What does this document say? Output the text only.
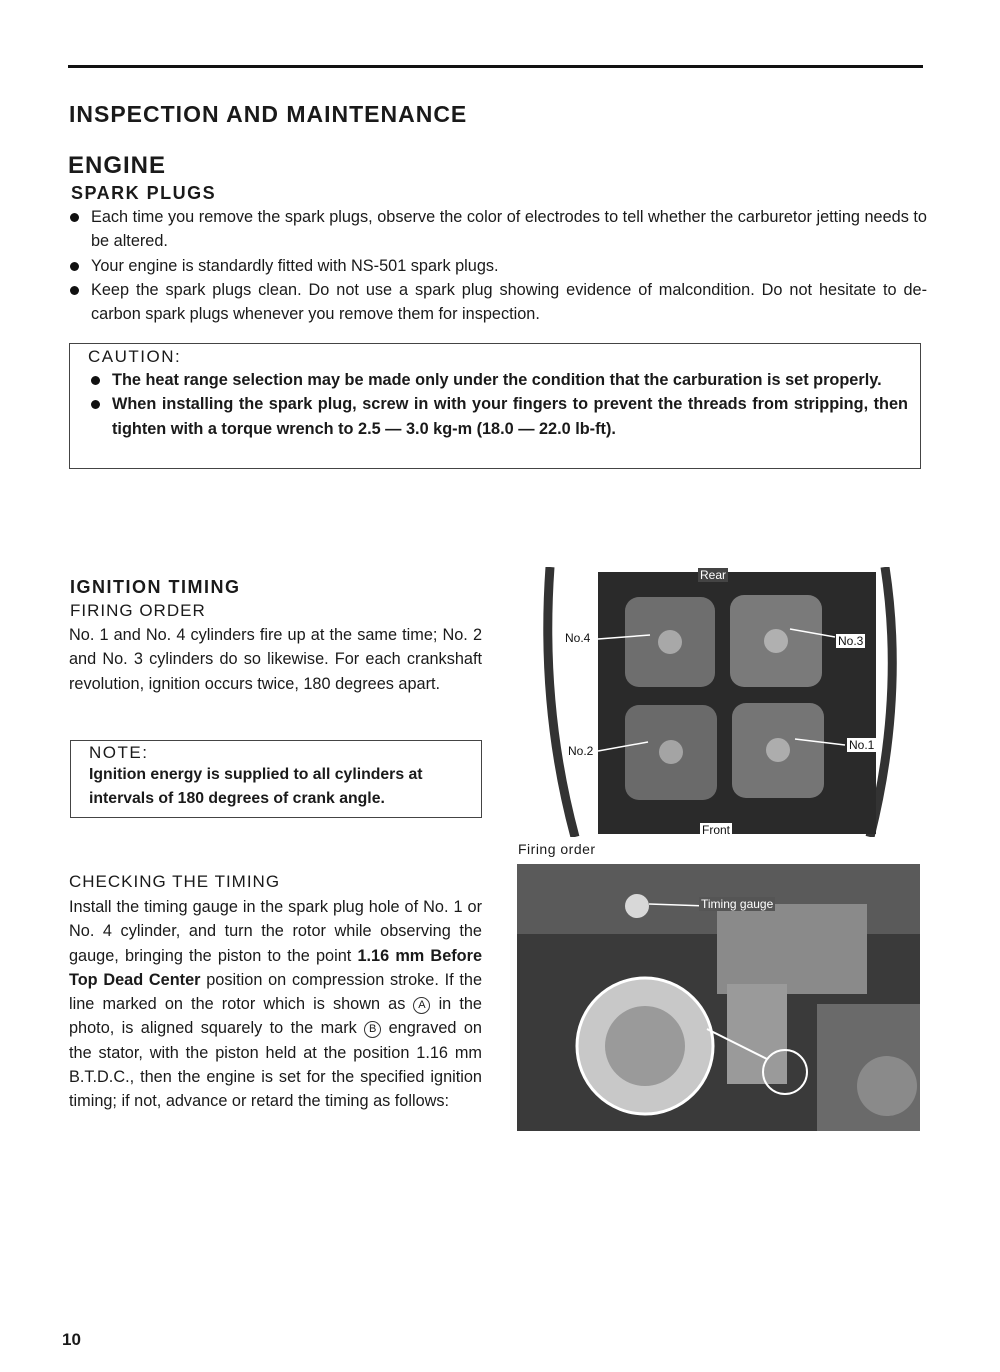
INSPECTION AND MAINTENANCE
ENGINE
SPARK PLUGS
Each time you remove the spark plugs, observe the color of electrodes to tell whether the carburetor jetting needs to be altered.
Your engine is standardly fitted with NS-501 spark plugs.
Keep the spark plugs clean. Do not use a spark plug showing evidence of malcondition. Do not hesitate to de-carbon spark plugs whenever you remove them for inspection.

CAUTION:

The heat range selection may be made only under the condition that the carburation is set properly.
When installing the spark plug, screw in with your fingers to prevent the threads from stripping, then tighten with a torque wrench to 2.5 — 3.0 kg-m (18.0 — 22.0 lb-ft).
IGNITION TIMING
FIRING ORDER

No. 1 and No. 4 cylinders fire up at the same time; No. 2 and No. 3 cylinders do so likewise. For each crankshaft revolution, ignition occurs twice, 180 degrees apart.

NOTE:

Ignition energy is supplied to all cylinders at intervals of 180 degrees of crank angle.

CHECKING THE TIMING

Install the timing gauge in the spark plug hole of No. 1 or No. 4 cylinder, and turn the rotor while observing the gauge, bringing the piston to the point 1.16 mm Before Top Dead Center position on compression stroke. If the line marked on the rotor which is shown as A in the photo, is aligned squarely to the mark B engraved on the stator, with the piston held at the position 1.16 mm B.T.D.C., then the engine is set for the specified ignition timing; if not, advance or retard the timing as follows:

Rear
No.4	No.3
No.2	No.1
Front
Firing order
Timing gauge
10
